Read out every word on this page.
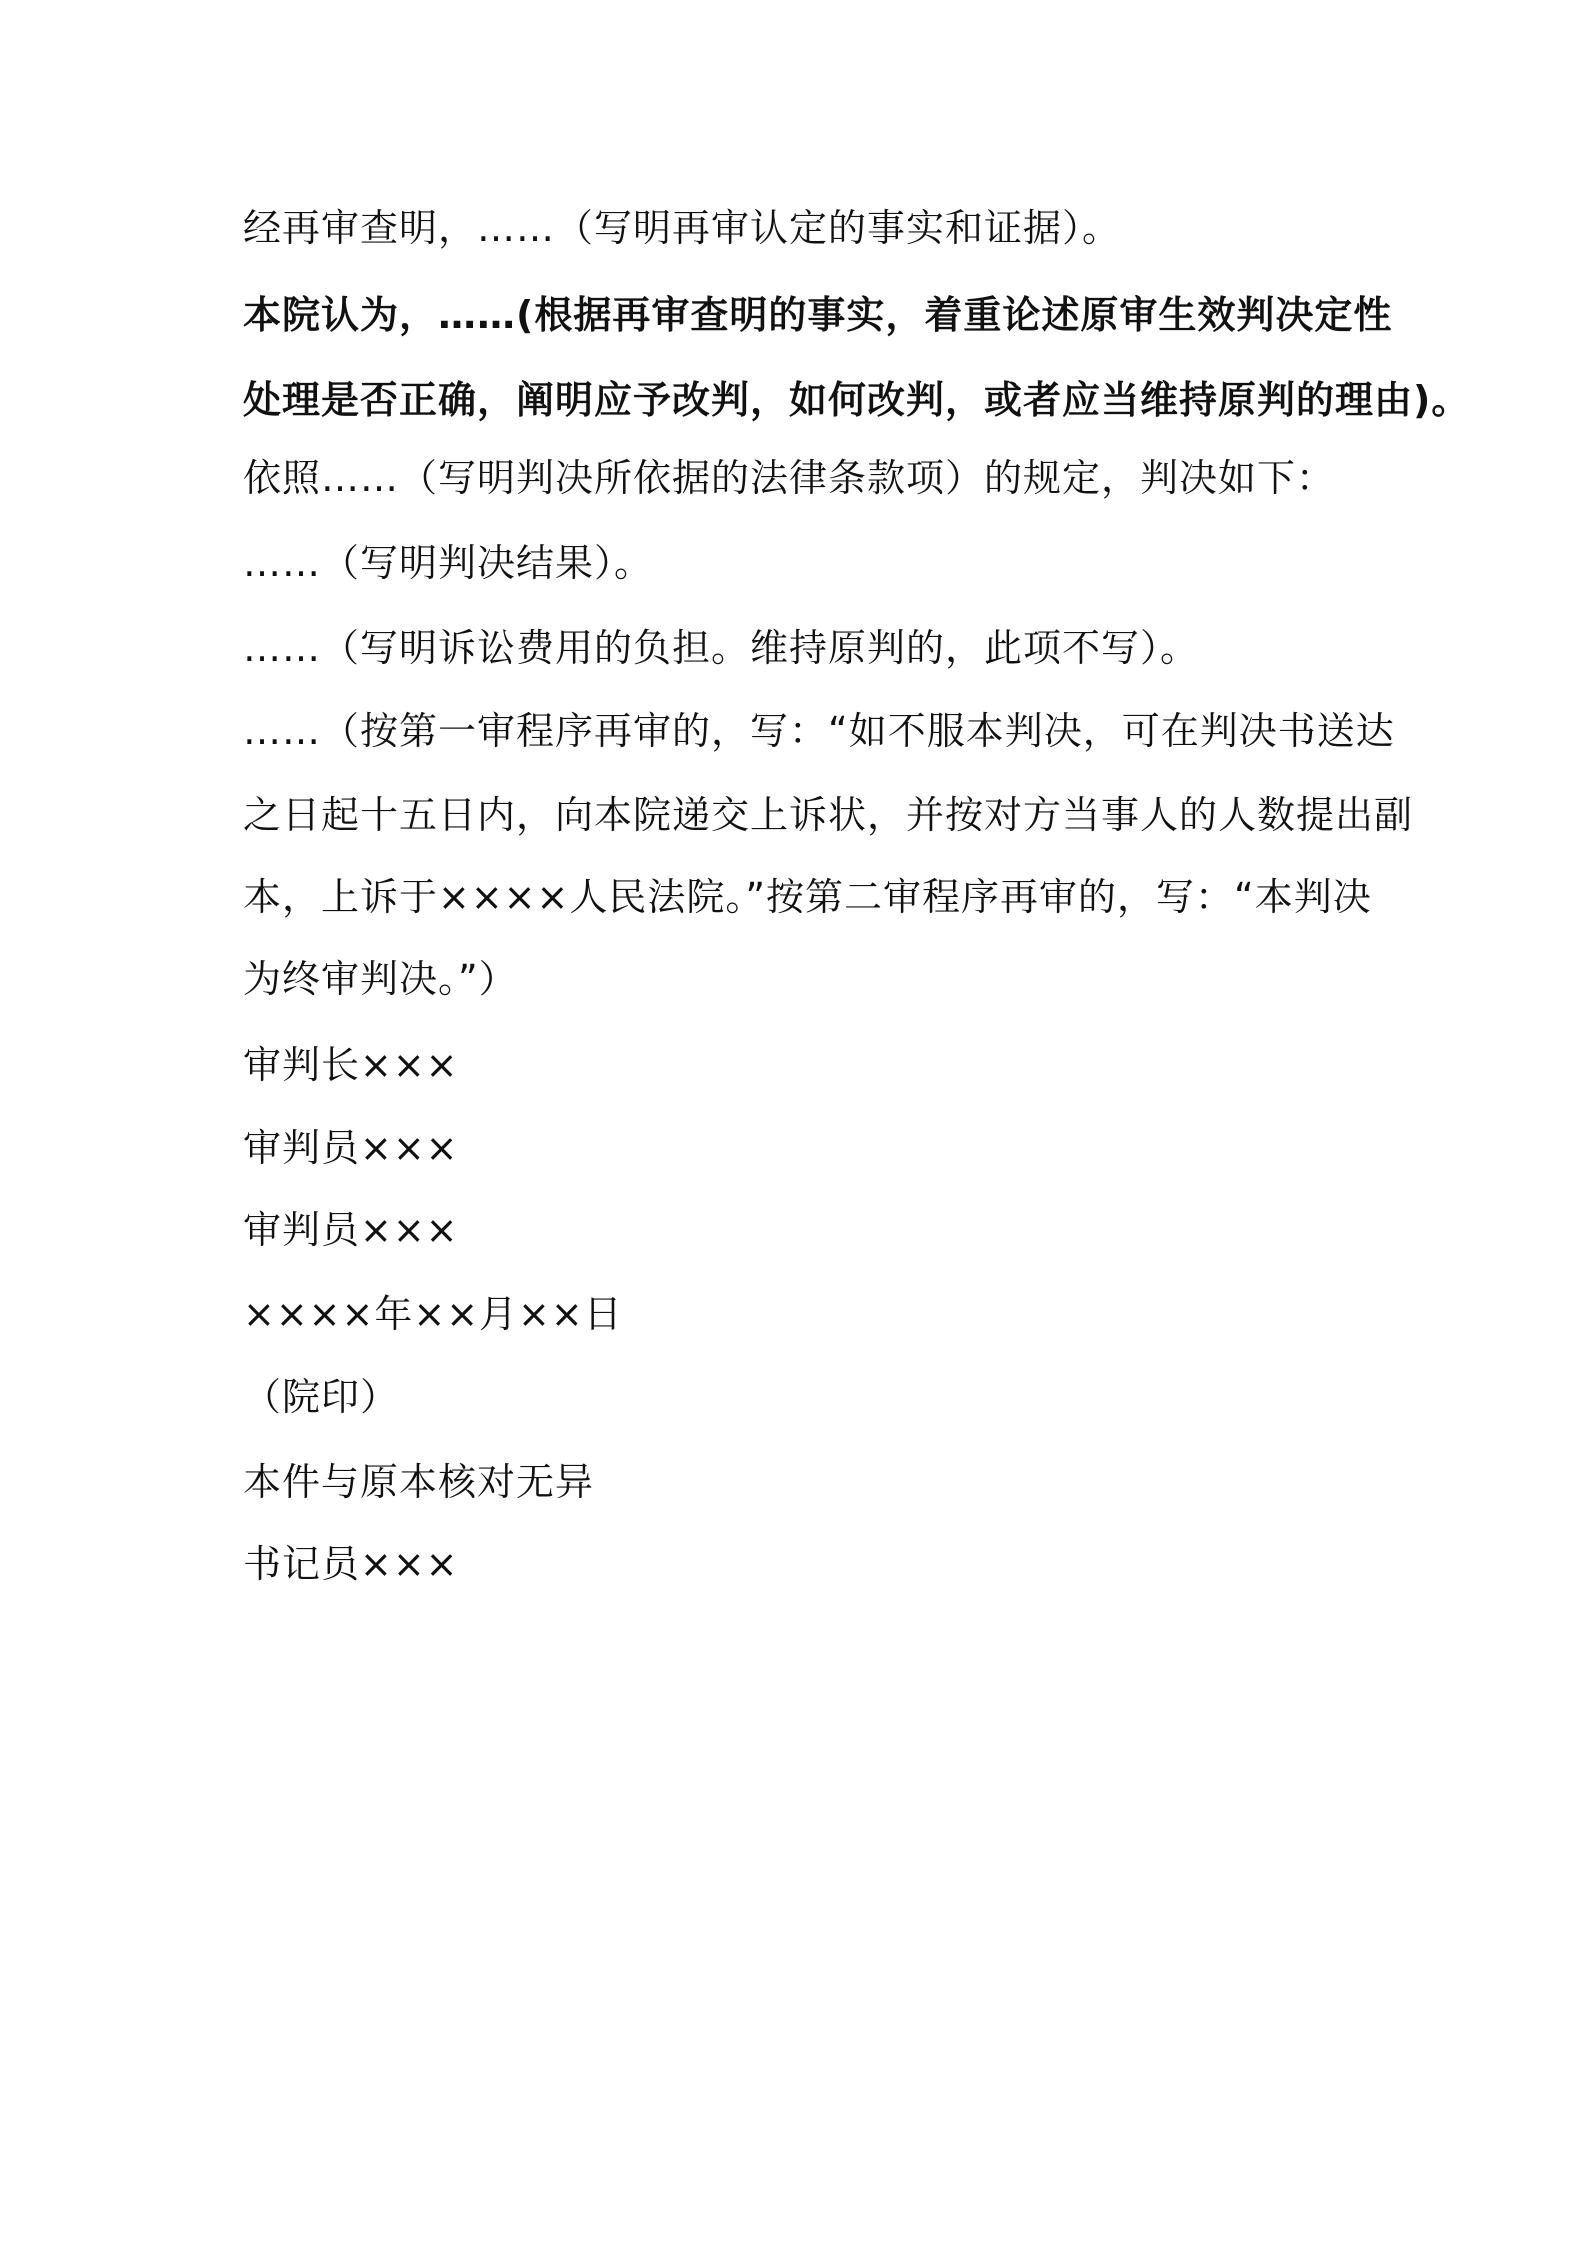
经再审查明，……（写明再审认定的事实和证据）。

本院认为，……(根据再审查明的事实，着重论述原审生效判决定性

处理是否正确，阐明应予改判，如何改判，或者应当维持原判的理由)。

依照……（写明判决所依据的法律条款项）的规定，判决如下：

……（写明判决结果）。

……（写明诉讼费用的负担。维持原判的，此项不写）。

……（按第一审程序再审的，写：“如不服本判决，可在判决书送达

之日起十五日内，向本院递交上诉状，并按对方当事人的人数提出副

本，上诉于××××人民法院。”按第二审程序再审的，写：“本判决

为终审判决。”）

审判长×××

审判员×××

审判员×××

××××年××月××日

（院印）

本件与原本核对无异

书记员×××
